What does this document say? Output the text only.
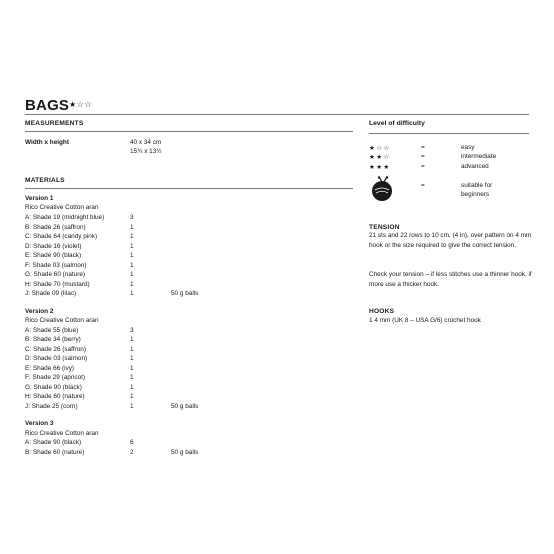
BAGS ★☆☆
MEASUREMENTS
Width x height	40 x 34 cm
15¾ x 13½
MATERIALS
Version 1
Rico Creative Cotton aran
A: Shade 19 (midnight blue)	3
B: Shade 26 (saffron)	1
C: Shade 64 (candy pink)	1
D: Shade 16 (violet)	1
E: Shade 90 (black)	1
F: Shade 03 (salmon)	1
G: Shade 60 (nature)	1
H: Shade 70 (mustard)	1
J: Shade 09 (lilac)	1	50 g balls
Version 2
Rico Creative Cotton aran
A: Shade 55 (blue)	3
B: Shade 34 (berry)	1
C: Shade 26 (saffron)	1
D: Shade 03 (salmon)	1
E: Shade 66 (ivy)	1
F: Shade 29 (apricot)	1
G: Shade 90 (black)	1
H: Shade 60 (nature)	1
J: Shade 25 (corn)	1	50 g balls
Version 3
Rico Creative Cotton aran
A: Shade 90 (black)	6
B: Shade 60 (nature)	2	50 g balls
Level of difficulty
★☆☆	=	easy
★★☆	=	intermediate
★★★	=	advanced
=	suitable for
beginners
TENSION
21 sts and 22 rows to 10 cm, (4 in), over pattern on 4 mm hook or the size required to give the correct tension.
Check your tension – if less stitches use a thinner hook, if more use a thicker hook.
HOOKS
1 4 mm (UK 8 – USA G/6) crochet hook
